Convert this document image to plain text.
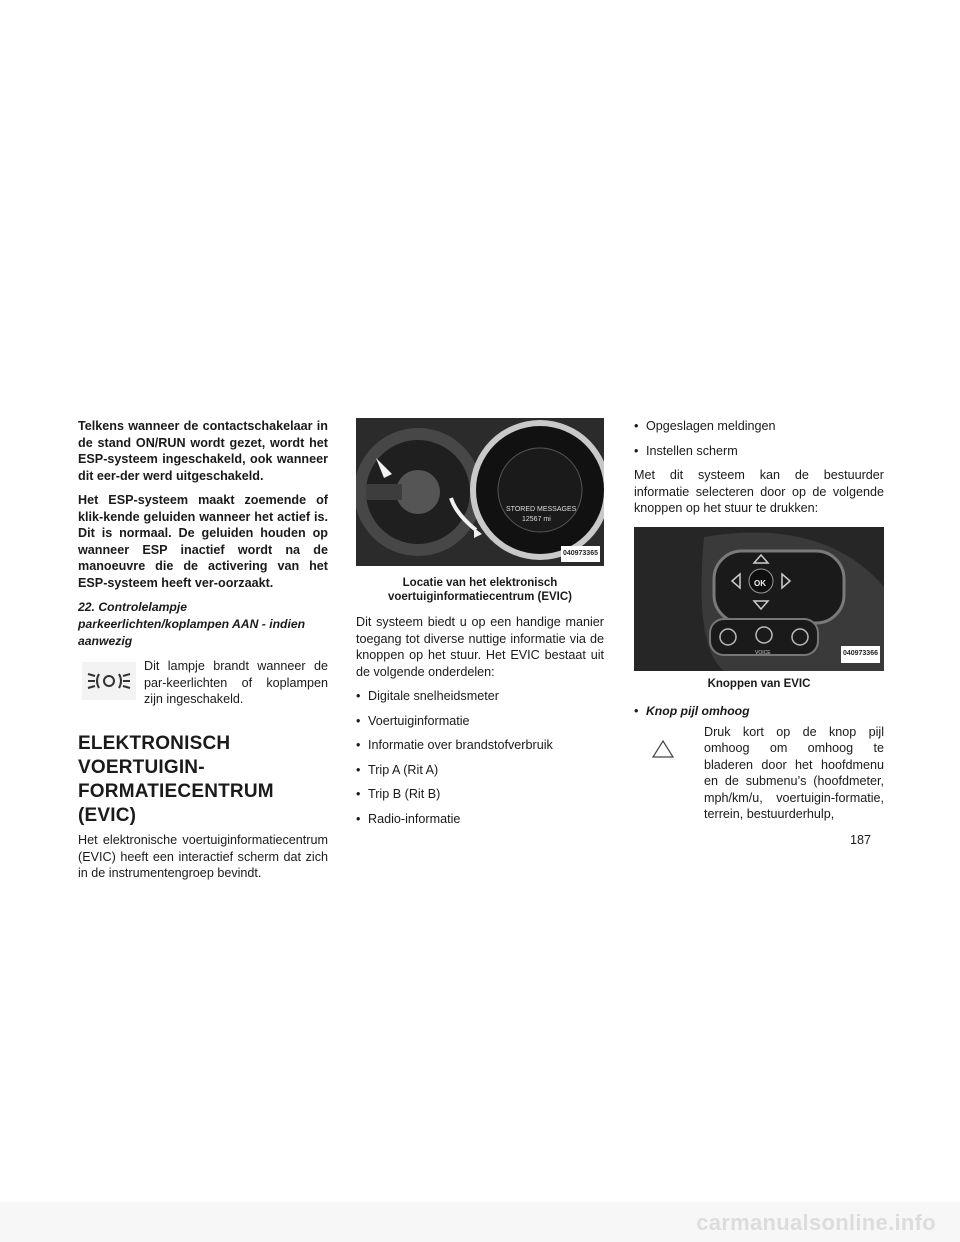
Telkens wanneer de contactschakelaar in de stand ON/RUN wordt gezet, wordt het ESP-systeem ingeschakeld, ook wanneer dit eer-der werd uitgeschakeld.

Het ESP-systeem maakt zoemende of klik-kende geluiden wanneer het actief is. Dit is normaal. De geluiden houden op wanneer ESP inactief wordt na de manoeuvre die de activering van het ESP-systeem heeft ver-oorzaakt.

22. Controlelampje parkeerlichten/koplampen AAN - indien aanwezig

Dit lampje brandt wanneer de par-keerlichten of koplampen zijn ingeschakeld.

ELEKTRONISCH VOERTUIGIN-
FORMATIECENTRUM (EVIC)

Het elektronische voertuiginformatiecentrum (EVIC) heeft een interactief scherm dat zich in de instrumentengroep bevindt.

STORED MESSAGES
12567 mi
040973365
Locatie van het elektronisch
voertuiginformatiecentrum (EVIC)

Dit systeem biedt u op een handige manier toegang tot diverse nuttige informatie via de knoppen op het stuur. Het EVIC bestaat uit de volgende onderdelen:

• Digitale snelheidsmeter
• Voertuiginformatie
• Informatie over brandstofverbruik
• Trip A (Rit A)
• Trip B (Rit B)
• Radio-informatie
• Opgeslagen meldingen
• Instellen scherm

Met dit systeem kan de bestuurder informatie selecteren door op de volgende knoppen op het stuur te drukken:

OK
VOICE	040973366
Knoppen van EVIC
• Knop pijl omhoog

Druk kort op de knop pijl omhoog om omhoog te bladeren door het hoofdmenu en de submenu’s (hoofdmeter, mph/km/u, voertuigin-formatie, terrein, bestuurderhulp,

187
carmanualsonline.info
